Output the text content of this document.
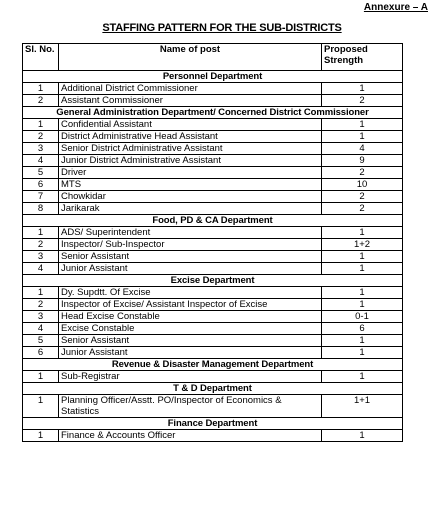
Annexure – A
STAFFING PATTERN FOR THE SUB-DISTRICTS
Sl. No.	Name of post	Proposed Strength
Personnel Department		
1	Additional District Commissioner	1
2	Assistant Commissioner	2
General Administration Department/ Concerned District Commissioner		
1	Confidential Assistant	1
2	District Administrative Head Assistant	1
3	Senior District Administrative Assistant	4
4	Junior District Administrative Assistant	9
5	Driver	2
6	MTS	10
7	Chowkidar	2
8	Jarikarak	2
Food, PD & CA Department		
1	ADS/ Superintendent	1
2	Inspector/ Sub-Inspector	1+2
3	Senior Assistant	1
4	Junior Assistant	1
Excise Department		
1	Dy. Supdtt. Of Excise	1
2	Inspector of Excise/ Assistant Inspector of Excise	1
3	Head Excise Constable	0-1
4	Excise Constable	6
5	Senior Assistant	1
6	Junior Assistant	1
Revenue & Disaster Management Department		
1	Sub-Registrar	1
T & D Department		
1	Planning Officer/Asstt. PO/Inspector of Economics & Statistics	1+1
Finance Department		
1	Finance & Accounts Officer	1
